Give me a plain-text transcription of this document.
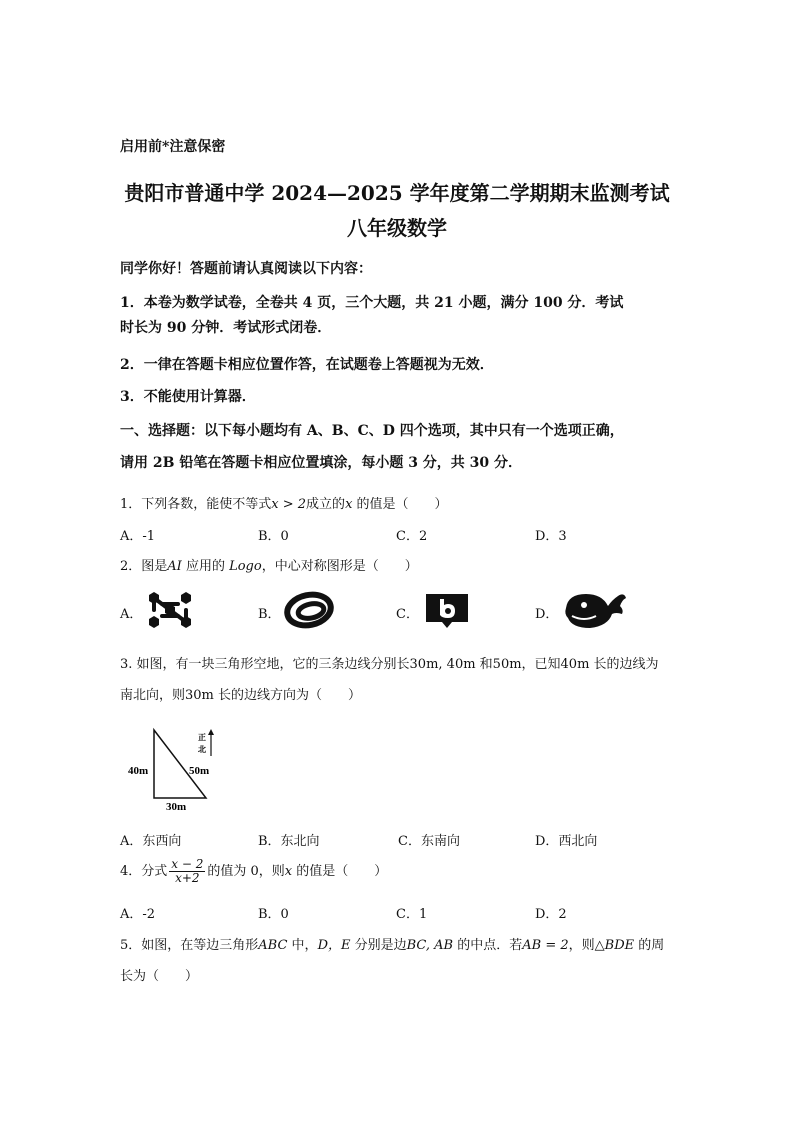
启用前*注意保密
贵阳市普通中学 2024—2025 学年度第二学期期末监测考试
八年级数学
同学你好！答题前请认真阅读以下内容：
1．本卷为数学试卷，全卷共 4 页，三个大题，共 21 小题，满分 100 分．考试
时长为 90 分钟．考试形式闭卷．
2．一律在答题卡相应位置作答，在试题卷上答题视为无效．
3．不能使用计算器．
一、选择题：以下每小题均有 A、B、C、D 四个选项，其中只有一个选项正确，
请用 2B 铅笔在答题卡相应位置填涂，每小题 3 分，共 30 分．
1．下列各数，能使不等式x > 2成立的x 的值是（　　）
A．-1	B．0	C．2	D．3
2．图是AI 应用的 Logo，中心对称图形是（　　）
A．	B．	C．	D．
3. 如图，有一块三角形空地，它的三条边线分别长30m, 40m 和50m，已知40m 长的边线为
南北向，则30m 长的边线方向为（　　）
40m	50m
30m
正
北
A．东西向	B．东北向	C．东南向	D．西北向
4．分式 $\frac{x - 2}{x+2}$ 的值为 0，则x 的值是（　　）
A．-2	B．0	C．1	D．2
5．如图，在等边三角形ABC 中，D，E 分别是边BC, AB 的中点．若AB = 2，则△BDE 的周
长为（　　）
